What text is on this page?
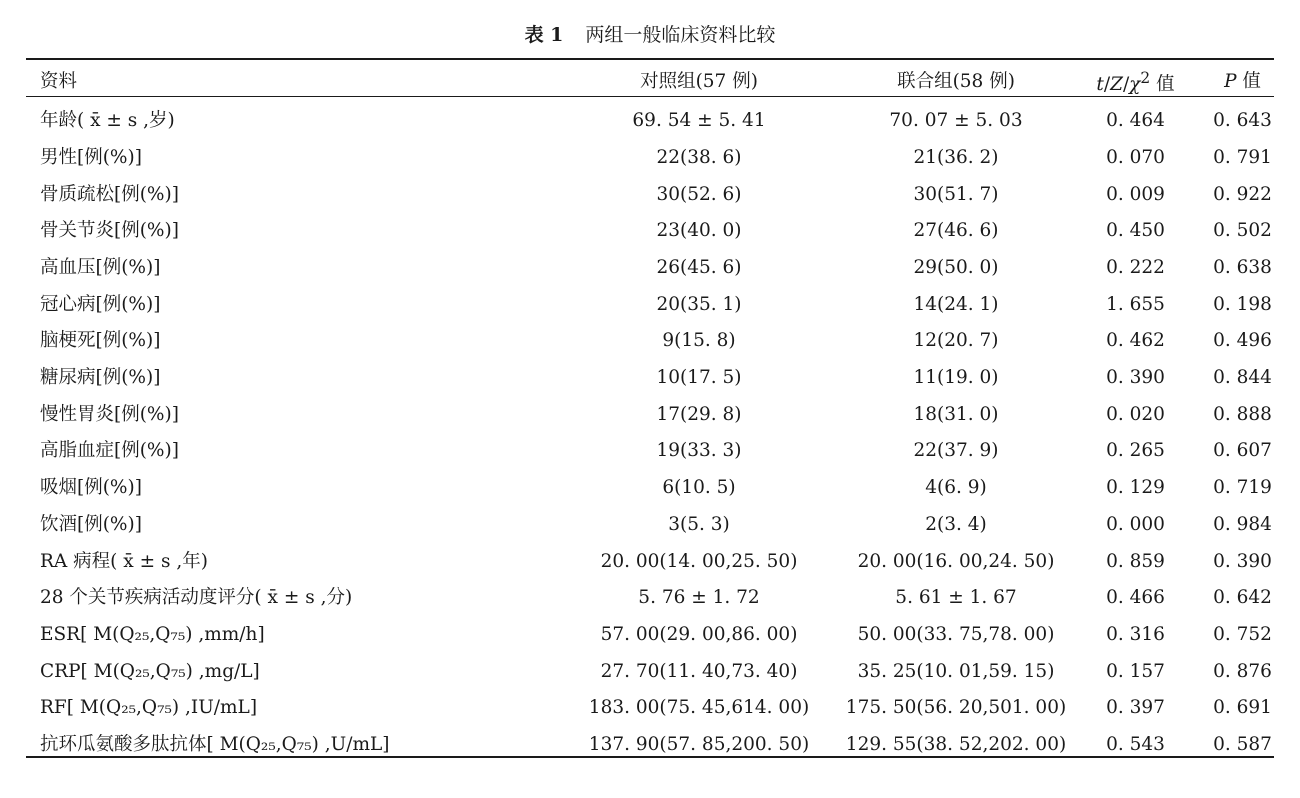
表 1 两组一般临床资料比较
资料	对照组(57 例)	联合组(58 例)	$t/Z/\chi^2$ 值	P 值
年龄( x̄ ± s ,岁)	69. 54 ± 5. 41	70. 07 ± 5. 03	0. 464	0. 643
男性[例(%)]	22(38. 6)	21(36. 2)	0. 070	0. 791
骨质疏松[例(%)]	30(52. 6)	30(51. 7)	0. 009	0. 922
骨关节炎[例(%)]	23(40. 0)	27(46. 6)	0. 450	0. 502
高血压[例(%)]	26(45. 6)	29(50. 0)	0. 222	0. 638
冠心病[例(%)]	20(35. 1)	14(24. 1)	1. 655	0. 198
脑梗死[例(%)]	9(15. 8)	12(20. 7)	0. 462	0. 496
糖尿病[例(%)]	10(17. 5)	11(19. 0)	0. 390	0. 844
慢性胃炎[例(%)]	17(29. 8)	18(31. 0)	0. 020	0. 888
高脂血症[例(%)]	19(33. 3)	22(37. 9)	0. 265	0. 607
吸烟[例(%)]	6(10. 5)	4(6. 9)	0. 129	0. 719
饮酒[例(%)]	3(5. 3)	2(3. 4)	0. 000	0. 984
RA 病程( x̄ ± s ,年)	20. 00(14. 00,25. 50)	20. 00(16. 00,24. 50)	0. 859	0. 390
28 个关节疾病活动度评分( x̄ ± s ,分)	5. 76 ± 1. 72	5. 61 ± 1. 67	0. 466	0. 642
ESR[ M(Q₂₅,Q₇₅) ,mm/h]	57. 00(29. 00,86. 00)	50. 00(33. 75,78. 00)	0. 316	0. 752
CRP[ M(Q₂₅,Q₇₅) ,mg/L]	27. 70(11. 40,73. 40)	35. 25(10. 01,59. 15)	0. 157	0. 876
RF[ M(Q₂₅,Q₇₅) ,IU/mL]	183. 00(75. 45,614. 00)	175. 50(56. 20,501. 00)	0. 397	0. 691
抗环瓜氨酸多肽抗体[ M(Q₂₅,Q₇₅) ,U/mL]	137. 90(57. 85,200. 50)	129. 55(38. 52,202. 00)	0. 543	0. 587
